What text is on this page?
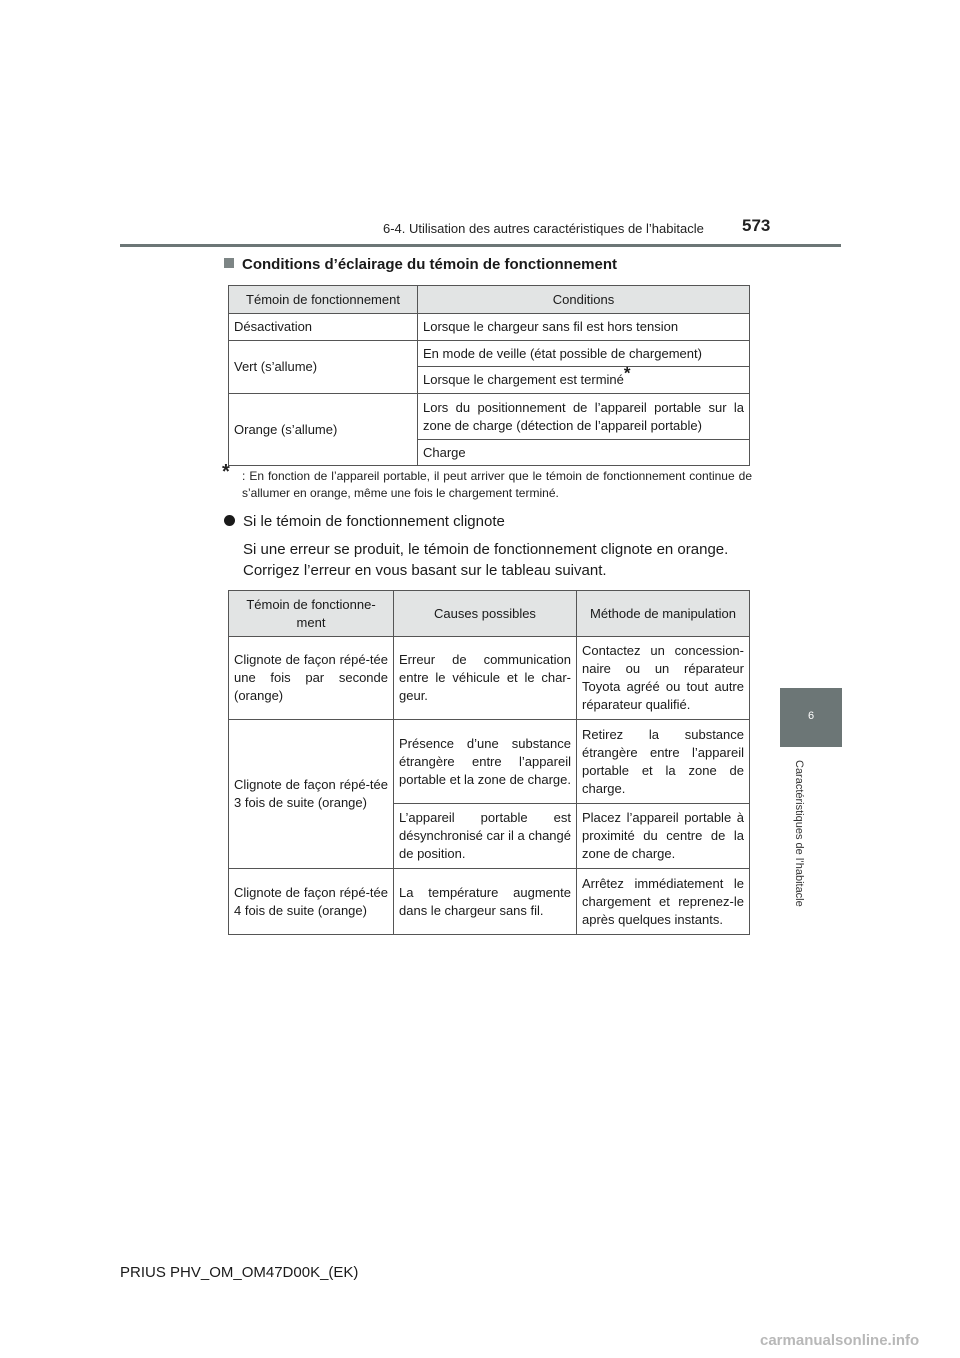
6-4. Utilisation des autres caractéristiques de l’habitacle 573
6
Caractéristiques de l’habitacle
Conditions d’éclairage du témoin de fonctionnement
Témoin de fonctionnement	Conditions
Désactivation	Lorsque le chargeur sans fil est hors tension
Vert (s’allume)	En mode de veille (état possible de chargement)
	Lorsque le chargement est terminé*
Orange (s’allume)	Lors du positionnement de l’appareil portable sur la zone de charge (détection de l’appareil portable)
	Charge
*	: En fonction de l’appareil portable, il peut arriver que le témoin de fonctionnement continue de s’allumer en orange, même une fois le chargement terminé.
Si le témoin de fonctionnement clignote
Si une erreur se produit, le témoin de fonctionnement clignote en orange. Corrigez l’erreur en vous basant sur le tableau suivant.
Témoin de fonctionne-ment	Causes possibles	Méthode de manipulation
Clignote de façon répé-tée une fois par seconde (orange)	Erreur de communication entre le véhicule et le char-geur.	Contactez un concession-naire ou un réparateur Toyota agréé ou tout autre réparateur qualifié.
Clignote de façon répé-tée 3 fois de suite (orange)	Présence d’une substance étrangère entre l’appareil portable et la zone de charge.	Retirez la substance étrangère entre l’appareil portable et la zone de charge.
	L’appareil portable est désynchronisé car il a changé de position.	Placez l’appareil portable à proximité du centre de la zone de charge.
Clignote de façon répé-tée 4 fois de suite (orange)	La température augmente dans le chargeur sans fil.	Arrêtez immédiatement le chargement et reprenez-le après quelques instants.
PRIUS PHV_OM_OM47D00K_(EK)
carmanualsonline.info
